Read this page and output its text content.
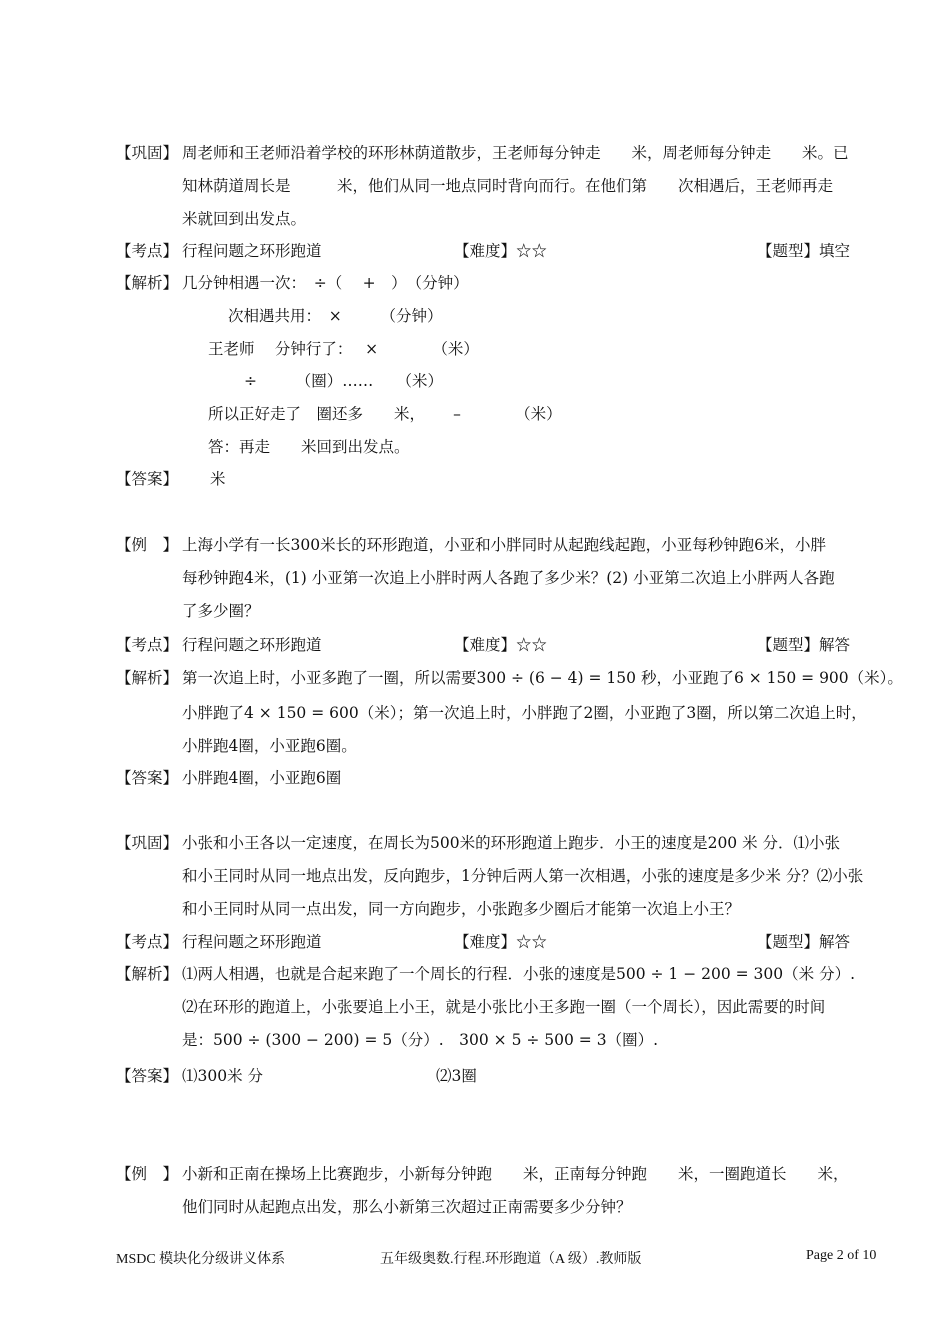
【巩固】 周老师和王老师沿着学校的环形林荫道散步，王老师每分钟走　　米，周老师每分钟走　　米。已
知林荫道周长是　　　米，他们从同一地点同时背向而行。在他们第　　次相遇后，王老师再走
米就回到出发点。
【考点】 行程问题之环形跑道	【难度】☆☆	【题型】填空
【解析】 几分钟相遇一次：　÷（　 +　）　（分钟）
次相遇共用：　×　　　（分钟）
王老师　 分钟行了：　 ×　　　　（米）
÷　　　（圈）……　　（米）
所以正好走了　圈还多　　米，　　 –　　　　（米）
答：再走　　米回到出发点。
【答案】 米
【例　】 上海小学有一长300米长的环形跑道，小亚和小胖同时从起跑线起跑，小亚每秒钟跑6米，小胖
每秒钟跑4米，(1) 小亚第一次追上小胖时两人各跑了多少米？(2) 小亚第二次追上小胖两人各跑
了多少圈？
【考点】 行程问题之环形跑道	【难度】☆☆	【题型】解答
【解析】 第一次追上时，小亚多跑了一圈，所以需要300 ÷ (6 − 4) = 150 秒，小亚跑了6 × 150 = 900（米）。
小胖跑了4 × 150 = 600（米）；第一次追上时，小胖跑了2圈，小亚跑了3圈，所以第二次追上时，
小胖跑4圈，小亚跑6圈。
【答案】 小胖跑4圈，小亚跑6圈
【巩固】 小张和小王各以一定速度，在周长为500米的环形跑道上跑步．小王的速度是200 米 分．⑴小张
和小王同时从同一地点出发，反向跑步，1分钟后两人第一次相遇，小张的速度是多少米 分？⑵小张
和小王同时从同一点出发，同一方向跑步，小张跑多少圈后才能第一次追上小王？
【考点】 行程问题之环形跑道	【难度】☆☆	【题型】解答
【解析】 ⑴两人相遇，也就是合起来跑了一个周长的行程．小张的速度是500 ÷ 1 − 200 = 300（米 分）.
⑵在环形的跑道上，小张要追上小王，就是小张比小王多跑一圈（一个周长），因此需要的时间
是：500 ÷ (300 − 200) = 5（分）.　300 × 5 ÷ 500 = 3（圈）.
【答案】 ⑴300米 分	⑵3圈
【例　】 小新和正南在操场上比赛跑步，小新每分钟跑　　米，正南每分钟跑　　米，一圈跑道长　　米，
他们同时从起跑点出发，那么小新第三次超过正南需要多少分钟？
MSDC 模块化分级讲义体系	五年级奥数.行程.环形跑道（A 级）.教师版	Page 2 of 10
